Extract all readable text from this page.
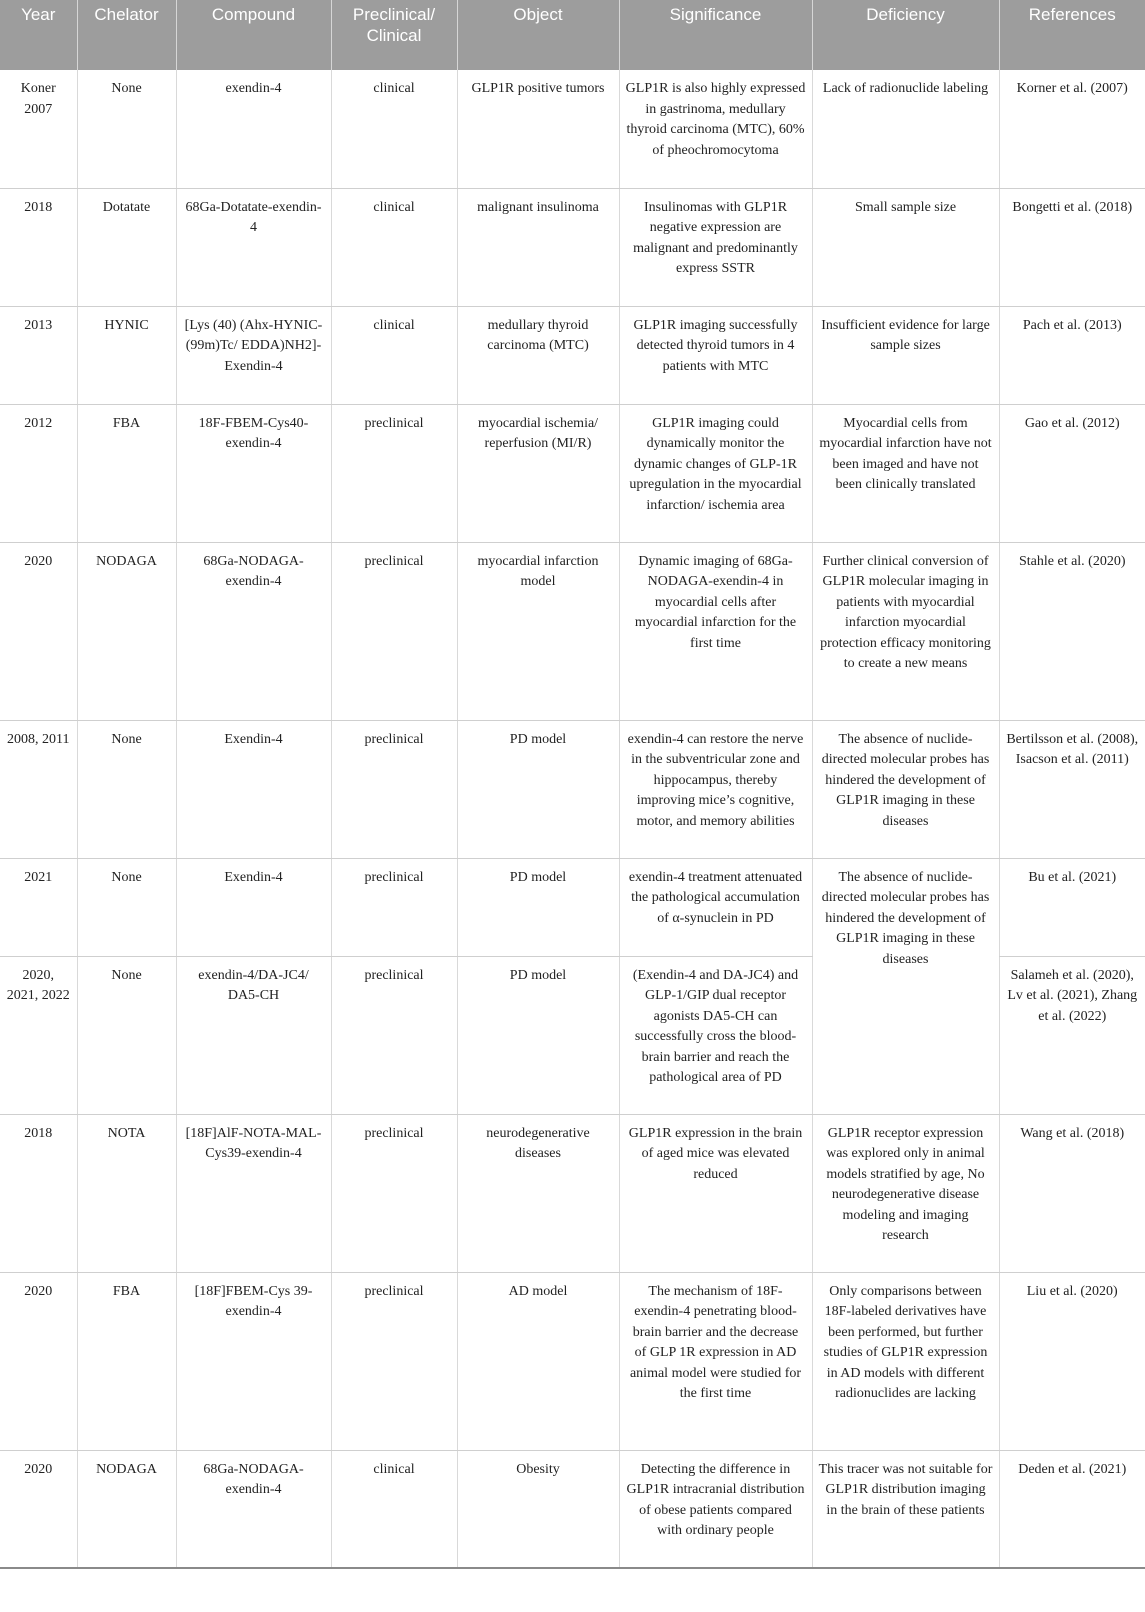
Year	Chelator	Compound	Preclinical/ Clinical	Object	Significance	Deficiency	References
Koner 2007	None	exendin-4	clinical	GLP1R positive tumors	GLP1R is also highly expressed in gastrinoma, medullary thyroid carcinoma (MTC), 60% of pheochromocytoma	Lack of radionuclide labeling	Korner et al. (2007)
2018	Dotatate	68Ga-Dotatate-exendin-4	clinical	malignant insulinoma	Insulinomas with GLP1R negative expression are malignant and predominantly express SSTR	Small sample size	Bongetti et al. (2018)
2013	HYNIC	[Lys (40) (Ahx-HYNIC-(99m)Tc/ EDDA)NH2]-Exendin-4	clinical	medullary thyroid carcinoma (MTC)	GLP1R imaging successfully detected thyroid tumors in 4 patients with MTC	Insufficient evidence for large sample sizes	Pach et al. (2013)
2012	FBA	18F-FBEM-Cys40-exendin-4	preclinical	myocardial ischemia/ reperfusion (MI/R)	GLP1R imaging could dynamically monitor the dynamic changes of GLP-1R upregulation in the myocardial infarction/ ischemia area	Myocardial cells from myocardial infarction have not been imaged and have not been clinically translated	Gao et al. (2012)
2020	NODAGA	68Ga-NODAGA-exendin-4	preclinical	myocardial infarction model	Dynamic imaging of 68Ga-NODAGA-exendin-4 in myocardial cells after myocardial infarction for the first time	Further clinical conversion of GLP1R molecular imaging in patients with myocardial infarction myocardial protection efficacy monitoring to create a new means	Stahle et al. (2020)
2008, 2011	None	Exendin-4	preclinical	PD model	exendin-4 can restore the nerve in the subventricular zone and hippocampus, thereby improving mice’s cognitive, motor, and memory abilities	The absence of nuclide-directed molecular probes has hindered the development of GLP1R imaging in these diseases	Bertilsson et al. (2008), Isacson et al. (2011)
2021	None	Exendin-4	preclinical	PD model	exendin-4 treatment attenuated the pathological accumulation of α-synuclein in PD	The absence of nuclide-directed molecular probes has hindered the development of GLP1R imaging in these diseases	Bu et al. (2021)
2020, 2021, 2022	None	exendin-4/DA-JC4/ DA5-CH	preclinical	PD model	(Exendin-4 and DA-JC4) and GLP-1/GIP dual receptor agonists DA5-CH can successfully cross the blood-brain barrier and reach the pathological area of PD		Salameh et al. (2020), Lv et al. (2021), Zhang et al. (2022)
2018	NOTA	[18F]AlF-NOTA-MAL-Cys39-exendin-4	preclinical	neurodegenerative diseases	GLP1R expression in the brain of aged mice was elevated reduced	GLP1R receptor expression was explored only in animal models stratified by age, No neurodegenerative disease modeling and imaging research	Wang et al. (2018)
2020	FBA	[18F]FBEM-Cys 39-exendin-4	preclinical	AD model	The mechanism of 18F-exendin-4 penetrating blood-brain barrier and the decrease of GLP 1R expression in AD animal model were studied for the first time	Only comparisons between 18F-labeled derivatives have been performed, but further studies of GLP1R expression in AD models with different radionuclides are lacking	Liu et al. (2020)
2020	NODAGA	68Ga-NODAGA-exendin-4	clinical	Obesity	Detecting the difference in GLP1R intracranial distribution of obese patients compared with ordinary people	This tracer was not suitable for GLP1R distribution imaging in the brain of these patients	Deden et al. (2021)
